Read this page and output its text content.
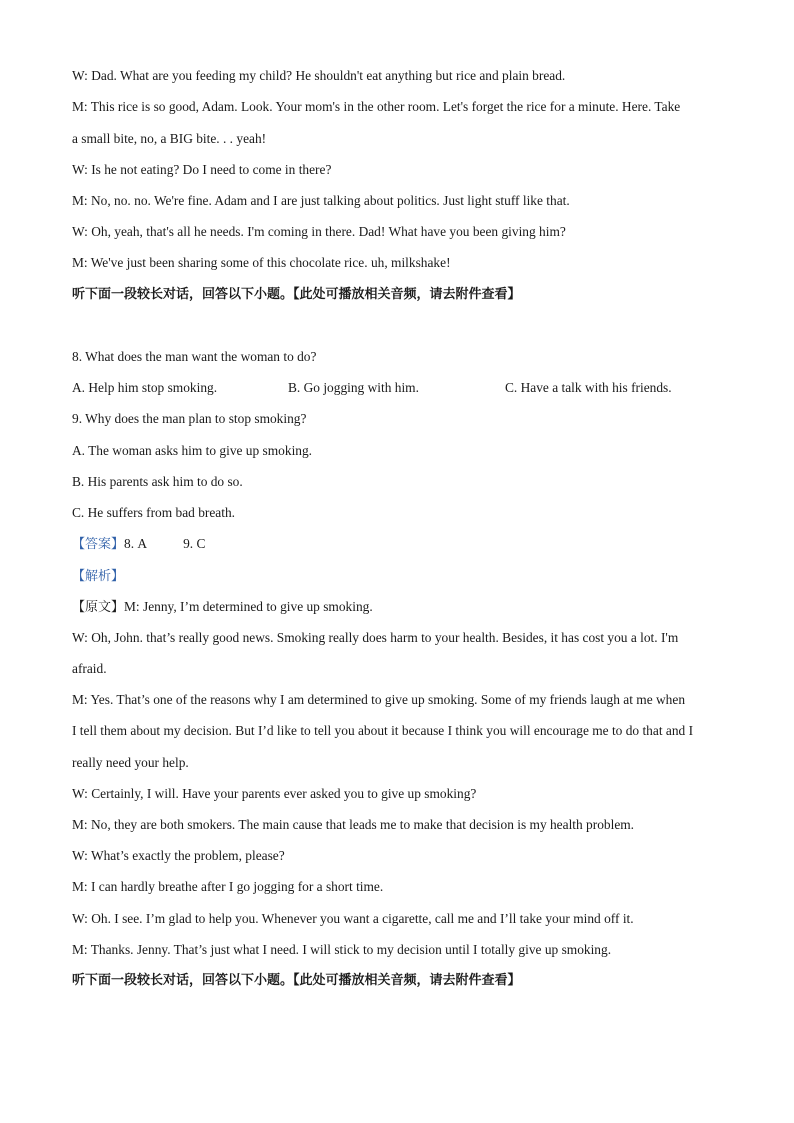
W: Dad. What are you feeding my child? He shouldn't eat anything but rice and plain bread.
M: This rice is so good, Adam. Look. Your mom's in the other room. Let's forget the rice for a minute. Here. Take
a small bite, no, a BIG bite. . . yeah!
W: Is he not eating? Do I need to come in there?
M: No, no. no. We're fine. Adam and I are just talking about politics. Just light stuff like that.
W: Oh, yeah, that's all he needs. I'm coming in there. Dad! What have you been giving him?
M: We've just been sharing some of this chocolate rice. uh, milkshake!
听下面一段较长对话，回答以下小题。【此处可播放相关音频，请去附件查看】
8. What does the man want the woman to do?
A. Help him stop smoking.	B. Go jogging with him.	C. Have a talk with his friends.
9. Why does the man plan to stop smoking?
A. The woman asks him to give up smoking.
B. His parents ask him to do so.
C. He suffers from bad breath.
【答案】8. A	9. C
【解析】
【原文】M: Jenny, I’m determined to give up smoking.
W: Oh, John. that’s really good news. Smoking really does harm to your health. Besides, it has cost you a lot. I'm
afraid.
M: Yes. That’s one of the reasons why I am determined to give up smoking. Some of my friends laugh at me when
I tell them about my decision. But I’d like to tell you about it because I think you will encourage me to do that and I
really need your help.
W: Certainly, I will. Have your parents ever asked you to give up smoking?
M: No, they are both smokers. The main cause that leads me to make that decision is my health problem.
W: What’s exactly the problem, please?
M: I can hardly breathe after I go jogging for a short time.
W: Oh. I see. I’m glad to help you. Whenever you want a cigarette, call me and I’ll take your mind off it.
M: Thanks. Jenny. That’s just what I need. I will stick to my decision until I totally give up smoking.
听下面一段较长对话，回答以下小题。【此处可播放相关音频，请去附件查看】
